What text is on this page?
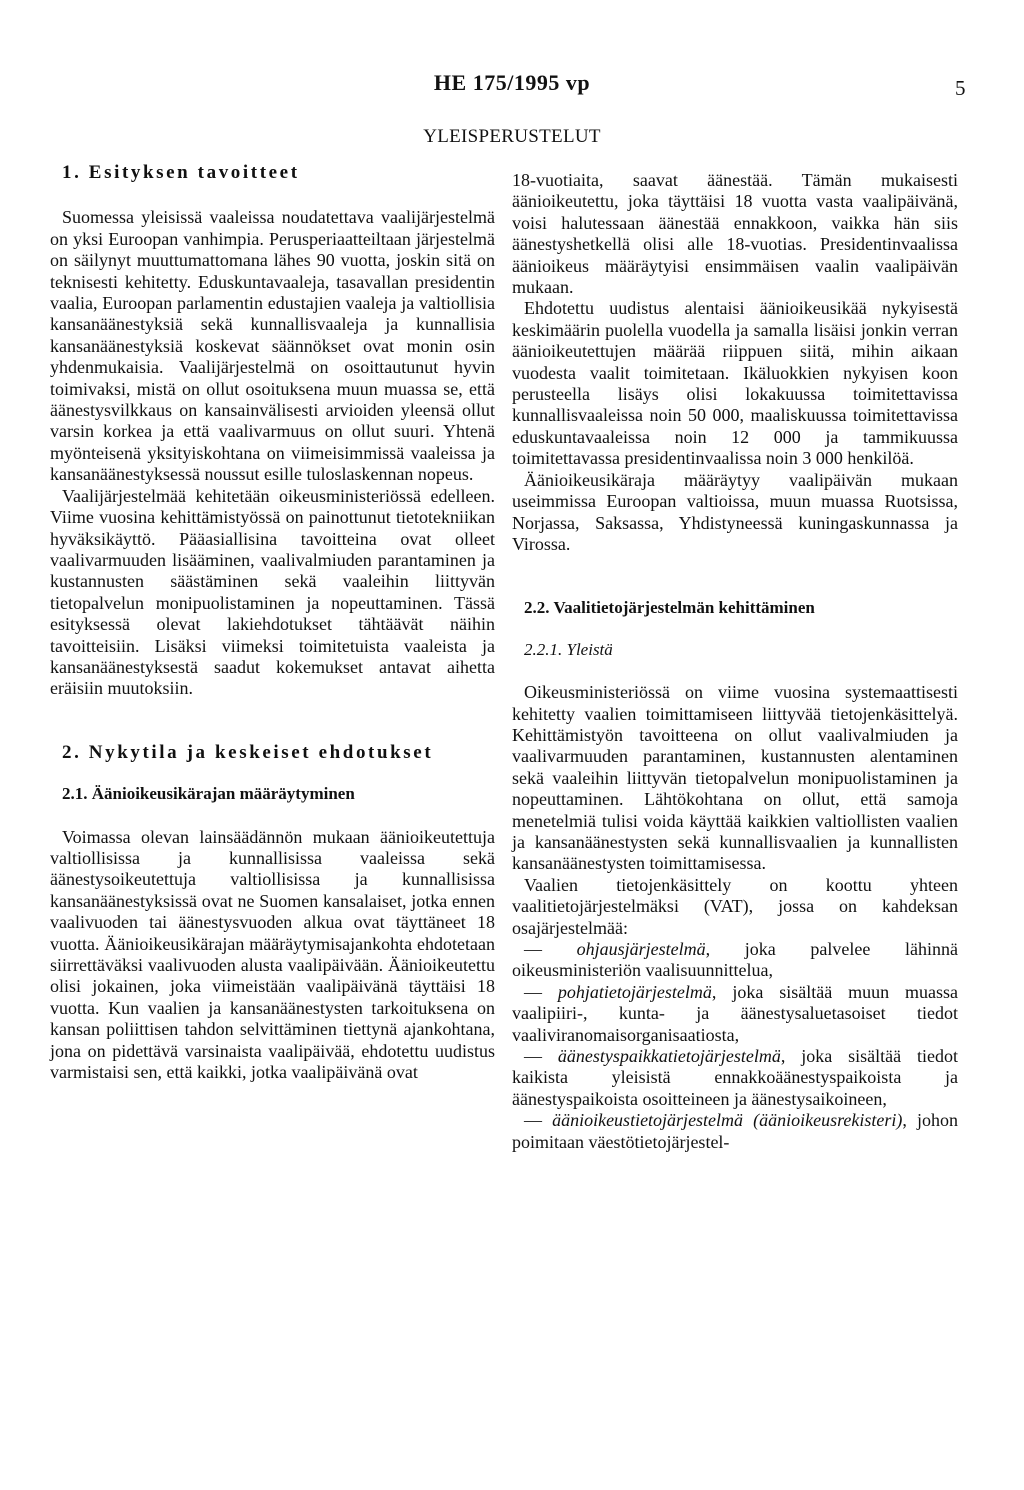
HE 175/1995 vp	5
YLEISPERUSTELUT

1. Esityksen tavoitteet

Suomessa yleisissä vaaleissa noudatettava vaalijärjestelmä on yksi Euroopan vanhimpia. Perusperiaatteiltaan järjestelmä on säilynyt muuttumattomana lähes 90 vuotta, joskin sitä on teknisesti kehitetty. Eduskuntavaaleja, tasavallan presidentin vaalia, Euroopan parlamentin edustajien vaaleja ja valtiollisia kansanäänestyksiä sekä kunnallisvaaleja ja kunnallisia kansanäänestyksiä koskevat säännökset ovat monin osin yhdenmukaisia. Vaalijärjestelmä on osoittautunut hyvin toimivaksi, mistä on ollut osoituksena muun muassa se, että äänestysvilkkaus on kansainvälisesti arvioiden yleensä ollut varsin korkea ja että vaalivarmuus on ollut suuri. Yhtenä myönteisenä yksityiskohtana on viimeisimmissä vaaleissa ja kansanäänestyksessä noussut esille tuloslaskennan nopeus.

Vaalijärjestelmää kehitetään oikeusministeriössä edelleen. Viime vuosina kehittämistyössä on painottunut tietotekniikan hyväksikäyttö. Pääasiallisina tavoitteina ovat olleet vaalivarmuuden lisääminen, vaalivalmiuden parantaminen ja kustannusten säästäminen sekä vaaleihin liittyvän tietopalvelun monipuolistaminen ja nopeuttaminen. Tässä esityksessä olevat lakiehdotukset tähtäävät näihin tavoitteisiin. Lisäksi viimeksi toimitetuista vaaleista ja kansanäänestyksestä saadut kokemukset antavat aihetta eräisiin muutoksiin.

2. Nykytila ja keskeiset ehdotukset

2.1. Äänioikeusikärajan määräytyminen

Voimassa olevan lainsäädännön mukaan äänioikeutettuja valtiollisissa ja kunnallisissa vaaleissa sekä äänestysoikeutettuja valtiollisissa ja kunnallisissa kansanäänestyksissä ovat ne Suomen kansalaiset, jotka ennen vaalivuoden tai äänestysvuoden alkua ovat täyttäneet 18 vuotta. Äänioikeusikärajan määräytymisajankohta ehdotetaan siirrettäväksi vaalivuoden alusta vaalipäivään. Äänioikeutettu olisi jokainen, joka viimeistään vaalipäivänä täyttäisi 18 vuotta. Kun vaalien ja kansanäänestysten tarkoituksena on kansan poliittisen tahdon selvittäminen tiettynä ajankohtana, jona on pidettävä varsinaista vaalipäivää, ehdotettu uudistus varmistaisi sen, että kaikki, jotka vaalipäivänä ovat

18-vuotiaita, saavat äänestää. Tämän mukaisesti äänioikeutettu, joka täyttäisi 18 vuotta vasta vaalipäivänä, voisi halutessaan äänestää ennakkoon, vaikka hän siis äänestyshetkellä olisi alle 18-vuotias. Presidentinvaalissa äänioikeus määräytyisi ensimmäisen vaalin vaalipäivän mukaan.

Ehdotettu uudistus alentaisi äänioikeusikää nykyisestä keskimäärin puolella vuodella ja samalla lisäisi jonkin verran äänioikeutettujen määrää riippuen siitä, mihin aikaan vuodesta vaalit toimitetaan. Ikäluokkien nykyisen koon perusteella lisäys olisi lokakuussa toimitettavissa kunnallisvaaleissa noin 50 000, maaliskuussa toimitettavissa eduskuntavaaleissa noin 12 000 ja tammikuussa toimitettavassa presidentinvaalissa noin 3 000 henkilöä.

Äänioikeusikäraja määräytyy vaalipäivän mukaan useimmissa Euroopan valtioissa, muun muassa Ruotsissa, Norjassa, Saksassa, Yhdistyneessä kuningaskunnassa ja Virossa.

2.2. Vaalitietojärjestelmän kehittäminen

2.2.1. Yleistä

Oikeusministeriössä on viime vuosina systemaattisesti kehitetty vaalien toimittamiseen liittyvää tietojenkäsittelyä. Kehittämistyön tavoitteena on ollut vaalivalmiuden ja vaalivarmuuden parantaminen, kustannusten alentaminen sekä vaaleihin liittyvän tietopalvelun monipuolistaminen ja nopeuttaminen. Lähtökohtana on ollut, että samoja menetelmiä tulisi voida käyttää kaikkien valtiollisten vaalien ja kansanäänestysten sekä kunnallisvaalien ja kunnallisten kansanäänestysten toimittamisessa.

Vaalien tietojenkäsittely on koottu yhteen vaalitietojärjestelmäksi (VAT), jossa on kahdeksan osajärjestelmää:

— ohjausjärjestelmä, joka palvelee lähinnä oikeusministeriön vaalisuunnittelua,

— pohjatietojärjestelmä, joka sisältää muun muassa vaalipiiri-, kunta- ja äänestysaluetasoiset tiedot vaaliviranomaisorganisaatiosta,

— äänestyspaikkatietojärjestelmä, joka sisältää tiedot kaikista yleisistä ennakkoäänestyspaikoista ja äänestyspaikoista osoitteineen ja äänestysaikoineen,

— äänioikeustietojärjestelmä (äänioikeusrekisteri), johon poimitaan väestötietojärjestel-
